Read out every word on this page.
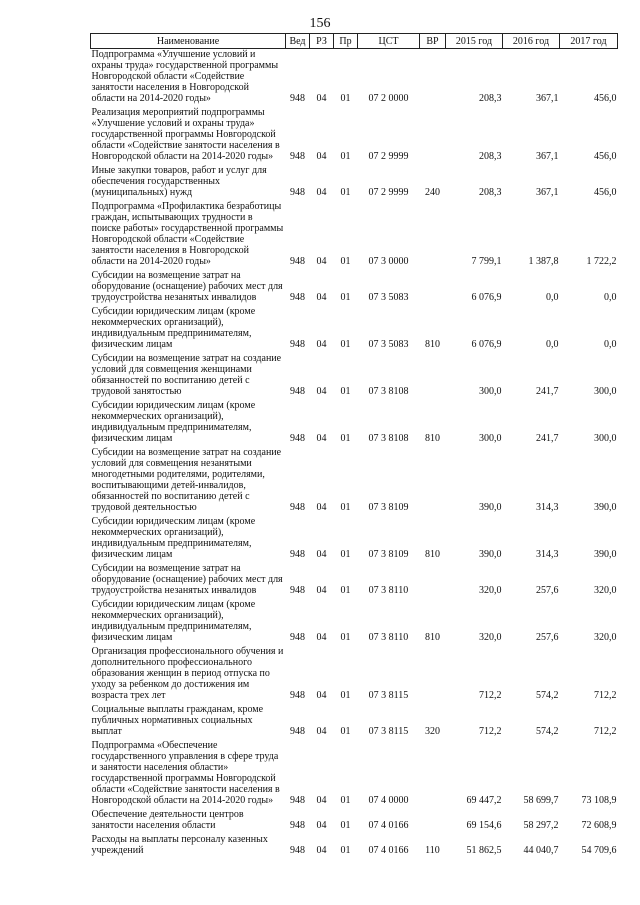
156
Наименование	Вед	РЗ	Пр	ЦСТ	ВР	2015 год	2016 год	2017 год
Подпрограмма «Улучшение условий и охраны труда» государственной программы Новгородской области «Содействие занятости населения в Новгородской области на 2014-2020 годы»	948	04	01	07 2 0000		208,3	367,1	456,0
Реализация мероприятий подпрограммы «Улучшение условий и охраны труда» государственной программы Новгородской области «Содействие занятости населения в Новгородской области на 2014-2020 годы»	948	04	01	07 2 9999		208,3	367,1	456,0
Иные закупки товаров, работ и услуг для обеспечения государственных (муниципальных) нужд	948	04	01	07 2 9999	240	208,3	367,1	456,0
Подпрограмма «Профилактика безработицы граждан, испытывающих трудности в поиске работы» государственной программы Новгородской области «Содействие занятости населения в Новгородской области на 2014-2020 годы»	948	04	01	07 3 0000		7 799,1	1 387,8	1 722,2
Субсидии на возмещение затрат на оборудование (оснащение) рабочих мест для трудоустройства незанятых инвалидов	948	04	01	07 3 5083		6 076,9	0,0	0,0
Субсидии юридическим лицам (кроме некоммерческих организаций), индивидуальным предпринимателям, физическим лицам	948	04	01	07 3 5083	810	6 076,9	0,0	0,0
Субсидии на возмещение затрат на создание условий для совмещения женщинами обязанностей по воспитанию детей с трудовой занятостью	948	04	01	07 3 8108		300,0	241,7	300,0
Субсидии юридическим лицам (кроме некоммерческих организаций), индивидуальным предпринимателям, физическим лицам	948	04	01	07 3 8108	810	300,0	241,7	300,0
Субсидии на возмещение затрат на создание условий для совмещения незанятыми многодетными родителями, родителями, воспитывающими детей-инвалидов, обязанностей по воспитанию детей с трудовой деятельностью	948	04	01	07 3 8109		390,0	314,3	390,0
Субсидии юридическим лицам (кроме некоммерческих организаций), индивидуальным предпринимателям, физическим лицам	948	04	01	07 3 8109	810	390,0	314,3	390,0
Субсидии на возмещение затрат на оборудование (оснащение) рабочих мест для трудоустройства незанятых инвалидов	948	04	01	07 3 8110		320,0	257,6	320,0
Субсидии юридическим лицам (кроме некоммерческих организаций), индивидуальным предпринимателям, физическим лицам	948	04	01	07 3 8110	810	320,0	257,6	320,0
Организация профессионального обучения и дополнительного профессионального образования женщин в период отпуска по уходу за ребенком до достижения им возраста трех лет	948	04	01	07 3 8115		712,2	574,2	712,2
Социальные выплаты гражданам, кроме публичных нормативных социальных выплат	948	04	01	07 3 8115	320	712,2	574,2	712,2
Подпрограмма «Обеспечение государственного управления в сфере труда и занятости населения области» государственной программы Новгородской области «Содействие занятости населения в Новгородской области на 2014-2020 годы»	948	04	01	07 4 0000		69 447,2	58 699,7	73 108,9
Обеспечение деятельности центров занятости населения области	948	04	01	07 4 0166		69 154,6	58 297,2	72 608,9
Расходы на выплаты персоналу казенных учреждений	948	04	01	07 4 0166	110	51 862,5	44 040,7	54 709,6
